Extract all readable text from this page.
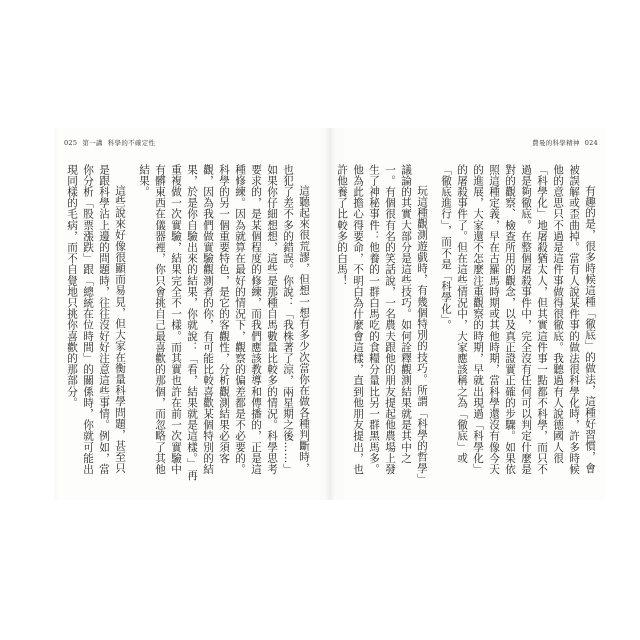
025 第一講 科學的不確定性

這聽起來很荒謬，但想一想有多少次當你在做各種判斷時，也犯了差不多的錯誤。你說：「我株著了涼，兩星期之後……」如果你仔細想想，這些是那種自馬數量比較多的情況。科學思考要求的，是某個程度的修練，而我們應該教導和傳播的，正是這種修練。因為就算在最好的情況下，觀察的偏差都是不必要的。科學的另一個重要特色，是它的客觀性，分析觀測結果必須客觀，因為我們做實驗觀測者的你，有可能比較喜歡某個特別的結果，於是你自驗出來的結果，你就說：「看，結果就是這樣。」再重複做一次實驗，結果完全不一樣。而其實也許在前一次實驗中有髒東西在儀器裡，你只會挑自己最喜歡的那個，而忽略了其他結果。

這些說來好像很顯而易見，但大家在衡量科學問題，甚至只是跟科學沾上邊的問題時，往往沒好好注意這些事情。例如，當你分析「股票漲跌」跟「總統在位時間」的關係時，你就可能出現同樣的毛病，而不自覺地只挑你喜歡的那部分。

費曼的科學精神 024

有趣的是，很多時候這種「徹底」的做法，這種好習慣，會被誤解或歪曲掉。當有人說某件事的做法很科學化時，許多時候他的意思只不過是這件事做得很徹底。我聽過有人說德國人很「科學化」地屠殺猶太人，但其實這件事一點都不科學，而只不過是夠徹底。在整個屠殺事件中，完全沒有任何可以判定什麼是對的觀察、檢查所用的觀念，以及真正證實正確的步驟。如果依照這種定義，早在古羅馬時期或其他時期，當科學還沒有像今天的進展，大家還不怎麼注重觀察的時期，早就出現過「科學化」的屠殺事件了。但在這些情況中，大家應該稱之為「徹底」或「徹底進行」，而不是「科學化」。

玩這種觀測遊戲時，有幾個特別的技巧。所謂「科學的哲學」議論的其實大部分是這些技巧。如何詮釋觀測結果就是其中之一。有個很有名的笑話說，一名農夫跟他的朋友提起他農場上發生了神秘事件：他養的一群白馬吃的食糧分量比另一群黑馬多。他為此擔心得要命，不明白為什麼會這樣，直到他朋友提出，也許他養了比較多的白馬！
